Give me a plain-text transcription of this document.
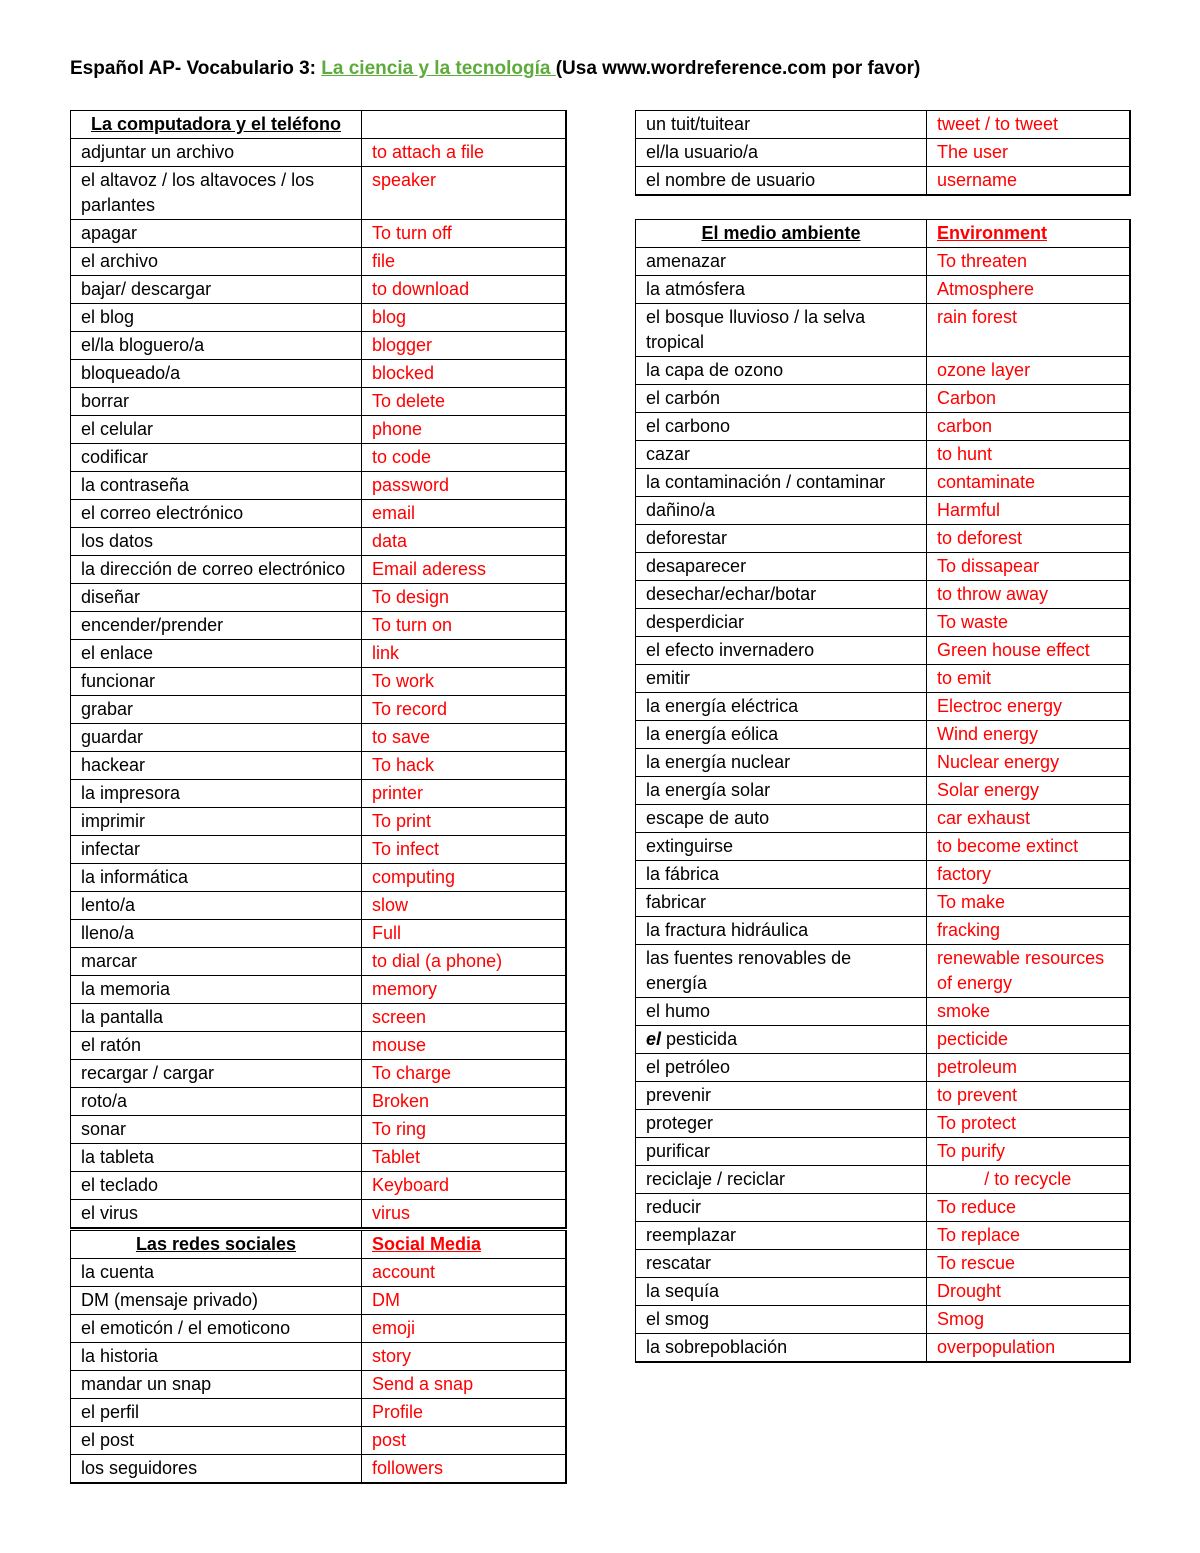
Español AP- Vocabulario 3: La ciencia y la tecnología (Usa www.wordreference.com por favor)
La computadora y el teléfono	
adjuntar un archivo	to attach a file
el altavoz / los altavoces / los parlantes	speaker
apagar	To turn off
el archivo	file
bajar/ descargar	to download
el blog	blog
el/la bloguero/a	blogger
bloqueado/a	blocked
borrar	To delete
el celular	phone
codificar	to code
la contraseña	password
el correo electrónico	email
los datos	data
la dirección de correo electrónico	Email aderess
diseñar	To design
encender/prender	To turn on
el enlace	link
funcionar	To work
grabar	To record
guardar	to save
hackear	To hack
la impresora	printer
imprimir	To print
infectar	To infect
la informática	computing
lento/a	slow
lleno/a	Full
marcar	to dial (a phone)
la memoria	memory
la pantalla	screen
el ratón	mouse
recargar / cargar	To charge
roto/a	Broken
sonar	To ring
la tableta	Tablet
el teclado	Keyboard
el virus	virus
Las redes sociales	Social Media
la cuenta	account
DM (mensaje privado)	DM
el emoticón / el emoticono	emoji
la historia	story
mandar un snap	Send a snap
el perfil	Profile
el post	post
los seguidores	followers
un tuit/tuitear	tweet / to tweet
el/la usuario/a	The user
el nombre de usuario	username
El medio ambiente	Environment
amenazar	To threaten
la atmósfera	Atmosphere
el bosque lluvioso / la selva tropical	rain forest
la capa de ozono	ozone layer
el carbón	Carbon
el carbono	carbon
cazar	to hunt
la contaminación / contaminar	contaminate
dañino/a	Harmful
deforestar	to deforest
desaparecer	To dissapear
desechar/echar/botar	to throw away
desperdiciar	To waste
el efecto invernadero	Green house effect
emitir	to emit
la energía eléctrica	Electroc energy
la energía eólica	Wind energy
la energía nuclear	Nuclear energy
la energía solar	Solar energy
escape de auto	car exhaust
extinguirse	to become extinct
la fábrica	factory
fabricar	To make
la fractura hidráulica	fracking
las fuentes renovables de energía	renewable resources of energy
el humo	smoke
el pesticida	pecticide
el petróleo	petroleum
prevenir	to prevent
proteger	To protect
purificar	To purify
reciclaje / reciclar	/ to recycle
reducir	To reduce
reemplazar	To replace
rescatar	To rescue
la sequía	Drought
el smog	Smog
la sobrepoblación	overpopulation
